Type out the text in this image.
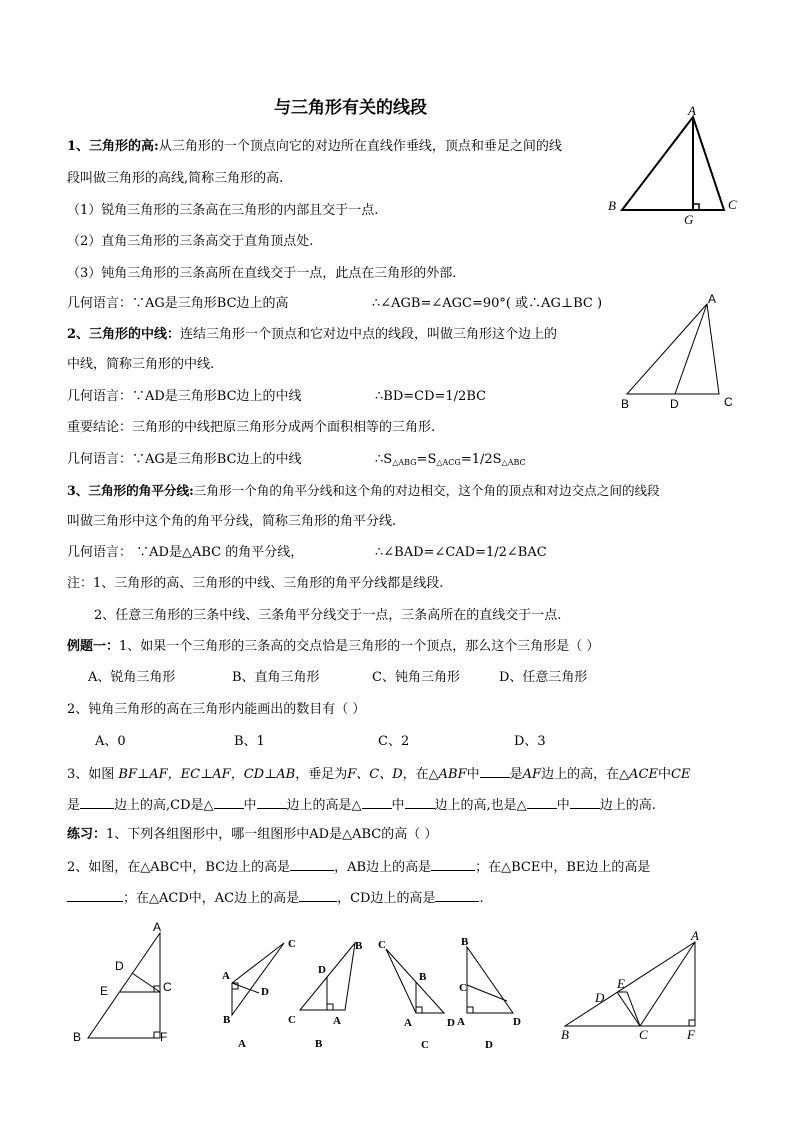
与三角形有关的线段
1、三角形的高:从三角形的一个顶点向它的对边所在直线作垂线，顶点和垂足之间的线
段叫做三角形的高线,简称三角形的高.
（1）锐角三角形的三条高在三角形的内部且交于一点.
（2）直角三角形的三条高交于直角顶点处.
（3）钝角三角形的三条高所在直线交于一点，此点在三角形的外部.
几何语言：∵AG是三角形BC边上的高	∴∠AGB=∠AGC=90°( 或∴AG⊥BC )
2、三角形的中线：连结三角形一个顶点和它对边中点的线段，叫做三角形这个边上的
中线，简称三角形的中线.
几何语言：∵AD是三角形BC边上的中线	∴BD=CD=1/2BC
重要结论：三角形的中线把原三角形分成两个面积相等的三角形.
几何语言：∵AG是三角形BC边上的中线	$\therefore S_{\triangle ABG}=S_{\triangle ACG}=1/2S_{\triangle ABC}$
3、三角形的角平分线:三角形一个角的角平分线和这个角的对边相交，这个角的顶点和对边交点之间的线段
叫做三角形中这个角的角平分线，简称三角形的角平分线.
几何语言： ∵AD是△ABC 的角平分线，	∴∠BAD=∠CAD=1/2∠BAC
注：1、三角形的高、三角形的中线、三角形的角平分线都是线段.
2、任意三角形的三条中线、三条角平分线交于一点，三条高所在的直线交于一点.
例题一：1、如果一个三角形的三条高的交点恰是三角形的一个顶点，那么这个三角形是（ ）
A、锐角三角形	B、直角三角形	C、钝角三角形	D、任意三角形
2、钝角三角形的高在三角形内能画出的数目有（ ）
A、0	B、1	C、2	D、3
3、如图 BF⊥AF，EC⊥AF，CD⊥AB，垂足为F、C、D，在△ABF中 是AF边上的高，在△ACE中CE
是	边上的高,CD是△ 中 边上的高是△ 中 边上的高,也是△ 中 边上的高.
练习：1、下列各组图形中，哪一组图形中AD是△ABC的高（ ）
2、如图，在△ABC中，BC边上的高是	，AB边上的高是	；在△BCE中，BE边上的高是
；在△ACD中，AC边上的高是	，CD边上的高是	.
A
B	C
G
A
B	D	C
A
D
E	C
B	F
C
A
D
B
A
B
D
C	A
B
C
B
A	D
C
B
C
A	D
D
A
E
D
B	C	F
